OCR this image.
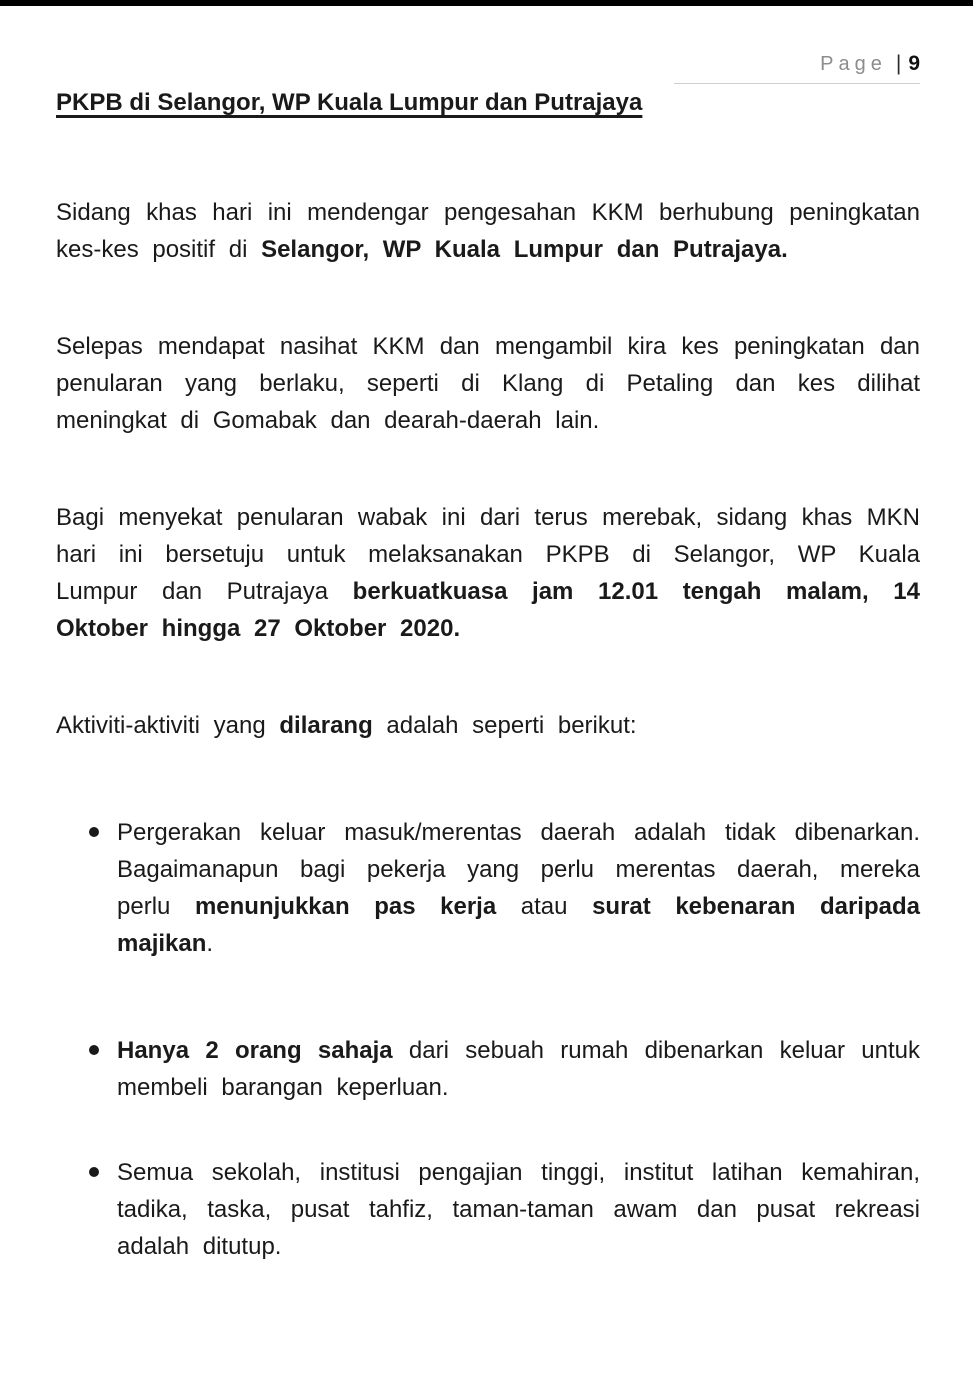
Page | 9
PKPB di Selangor, WP Kuala Lumpur dan Putrajaya

Sidang khas hari ini mendengar pengesahan KKM berhubung peningkatan kes-kes positif di Selangor, WP Kuala Lumpur dan Putrajaya.

Selepas mendapat nasihat KKM dan mengambil kira kes peningkatan dan penularan yang berlaku, seperti di Klang di Petaling dan kes dilihat meningkat di Gomabak dan dearah-daerah lain.

Bagi menyekat penularan wabak ini dari terus merebak, sidang khas MKN hari ini bersetuju untuk melaksanakan PKPB di Selangor, WP Kuala Lumpur dan Putrajaya berkuatkuasa jam 12.01 tengah malam, 14 Oktober hingga 27 Oktober 2020.

Aktiviti-aktiviti yang dilarang adalah seperti berikut:

Pergerakan keluar masuk/merentas daerah adalah tidak dibenarkan. Bagaimanapun bagi pekerja yang perlu merentas daerah, mereka perlu menunjukkan pas kerja atau surat kebenaran daripada majikan.
Hanya 2 orang sahaja dari sebuah rumah dibenarkan keluar untuk membeli barangan keperluan.
Semua sekolah, institusi pengajian tinggi, institut latihan kemahiran, tadika, taska, pusat tahfiz, taman-taman awam dan pusat rekreasi adalah ditutup.
